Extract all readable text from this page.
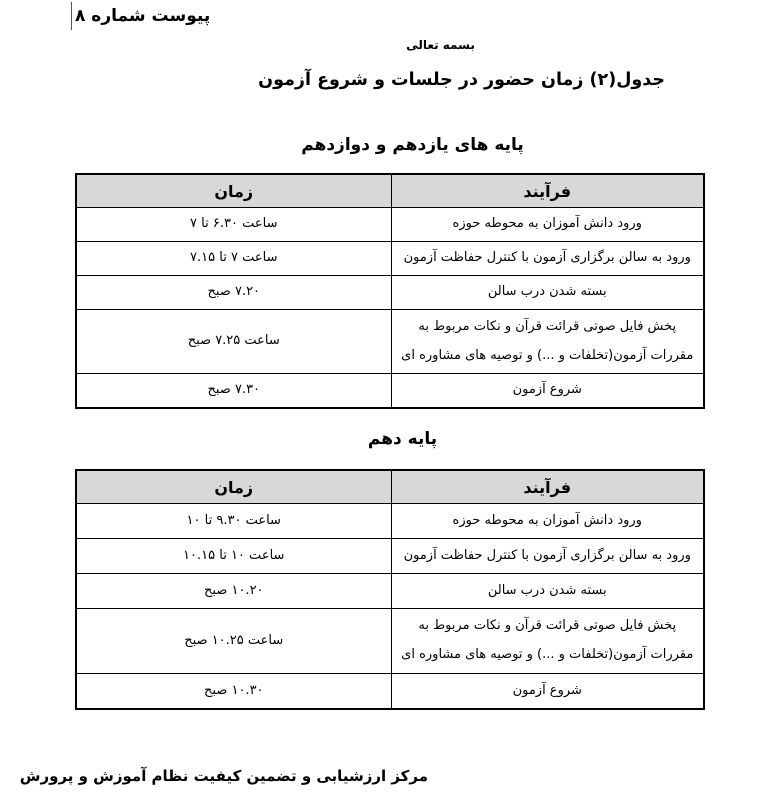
پیوست شماره ۸
بسمه تعالی
جدول(۲) زمان حضور در جلسات و شروع آزمون
پایه های یازدهم و دوازدهم
فرآیند	زمان
ورود دانش آموزان به محوطه حوزه	ساعت ۶.۳۰ تا ۷
ورود به سالن برگزاری آزمون با کنترل حفاظت آزمون	ساعت ۷ تا ۷.۱۵
بسته شدن درب سالن	۷.۲۰ صبح
پخش فایل صوتی قرائت قرآن و نکات مربوط به مقررات آزمون(تخلفات و ...) و توصیه های مشاوره ای	ساعت ۷.۲۵ صبح
شروع آزمون	۷.۳۰ صبح
پایه دهم
فرآیند	زمان
ورود دانش آموزان به محوطه حوزه	ساعت ۹.۳۰ تا ۱۰
ورود به سالن برگزاری آزمون با کنترل حفاظت آزمون	ساعت ۱۰ تا ۱۰.۱۵
بسته شدن درب سالن	۱۰.۲۰ صبح
پخش فایل صوتی قرائت قرآن و نکات مربوط به مقررات آزمون(تخلفات و ...) و توصیه های مشاوره ای	ساعت ۱۰.۲۵ صبح
شروع آزمون	۱۰.۳۰ صبح
مرکز ارزشیابی و تضمین کیفیت نظام آموزش و پرورش
